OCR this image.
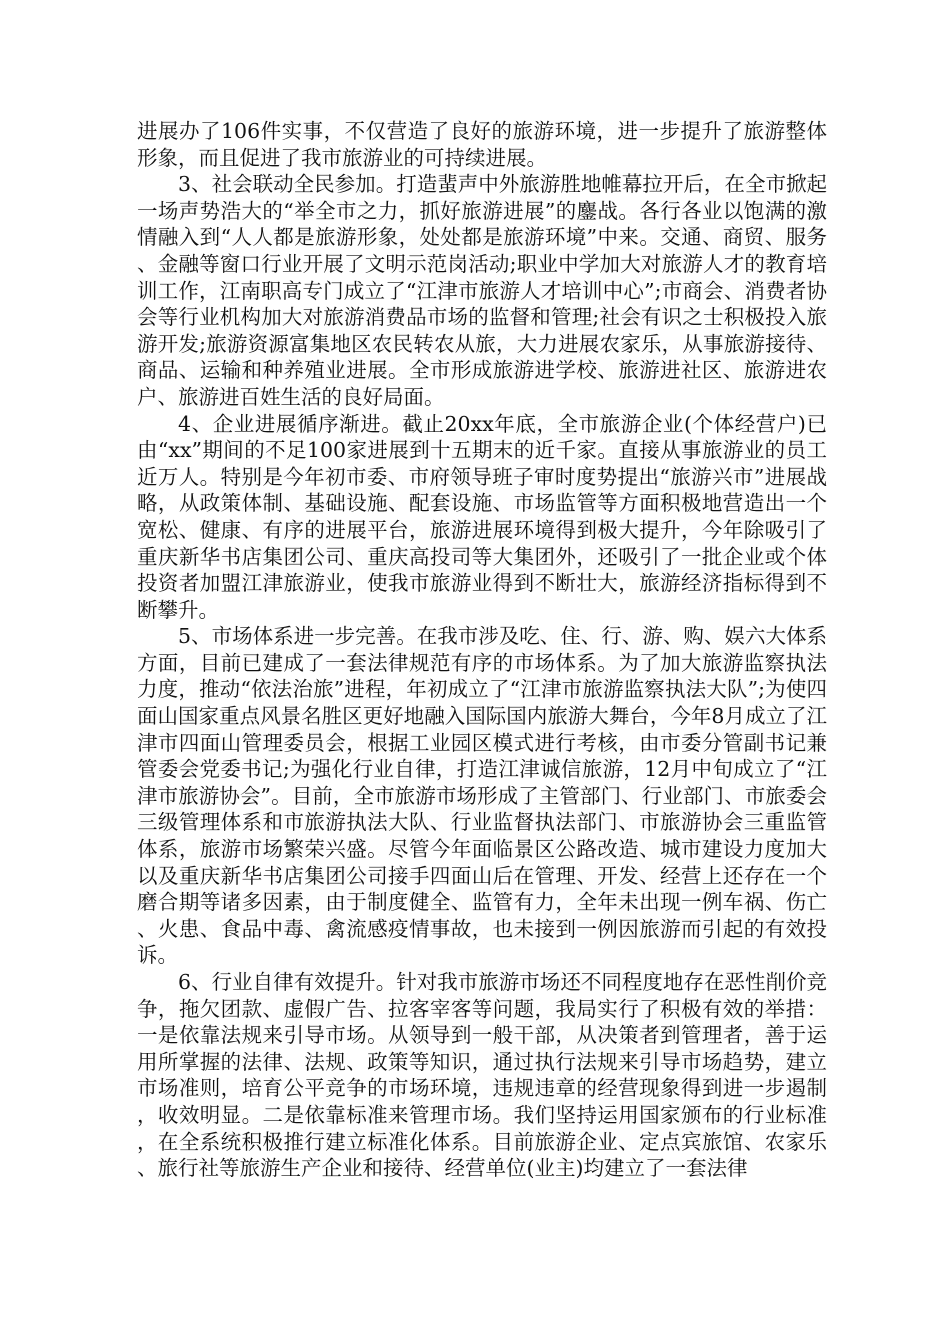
进展办了106件实事，不仅营造了良好的旅游环境，进一步提升了旅游整体形象，而且促进了我市旅游业的可持续进展。

3、社会联动全民参加。打造蜚声中外旅游胜地帷幕拉开后，在全市掀起一场声势浩大的“举全市之力，抓好旅游进展”的鏖战。各行各业以饱满的激情融入到“人人都是旅游形象，处处都是旅游环境”中来。交通、商贸、服务、金融等窗口行业开展了文明示范岗活动;职业中学加大对旅游人才的教育培训工作，江南职高专门成立了“江津市旅游人才培训中心”;市商会、消费者协会等行业机构加大对旅游消费品市场的监督和管理;社会有识之士积极投入旅游开发;旅游资源富集地区农民转农从旅，大力进展农家乐，从事旅游接待、商品、运输和种养殖业进展。全市形成旅游进学校、旅游进社区、旅游进农户、旅游进百姓生活的良好局面。

4、企业进展循序渐进。截止20xx年底，全市旅游企业(个体经营户)已由“xx”期间的不足100家进展到十五期末的近千家。直接从事旅游业的员工近万人。特别是今年初市委、市府领导班子审时度势提出“旅游兴市”进展战略，从政策体制、基础设施、配套设施、市场监管等方面积极地营造出一个宽松、健康、有序的进展平台，旅游进展环境得到极大提升，今年除吸引了重庆新华书店集团公司、重庆高投司等大集团外，还吸引了一批企业或个体投资者加盟江津旅游业，使我市旅游业得到不断壮大，旅游经济指标得到不断攀升。

5、市场体系进一步完善。在我市涉及吃、住、行、游、购、娱六大体系方面，目前已建成了一套法律规范有序的市场体系。为了加大旅游监察执法力度，推动“依法治旅”进程，年初成立了“江津市旅游监察执法大队”;为使四面山国家重点风景名胜区更好地融入国际国内旅游大舞台，今年8月成立了江津市四面山管理委员会，根据工业园区模式进行考核，由市委分管副书记兼管委会党委书记;为强化行业自律，打造江津诚信旅游，12月中旬成立了“江津市旅游协会”。目前，全市旅游市场形成了主管部门、行业部门、市旅委会三级管理体系和市旅游执法大队、行业监督执法部门、市旅游协会三重监管体系，旅游市场繁荣兴盛。尽管今年面临景区公路改造、城市建设力度加大以及重庆新华书店集团公司接手四面山后在管理、开发、经营上还存在一个磨合期等诸多因素，由于制度健全、监管有力，全年未出现一例车祸、伤亡、火患、食品中毒、禽流感疫情事故，也未接到一例因旅游而引起的有效投诉。

6、行业自律有效提升。针对我市旅游市场还不同程度地存在恶性削价竞争，拖欠团款、虚假广告、拉客宰客等问题，我局实行了积极有效的举措：一是依靠法规来引导市场。从领导到一般干部，从决策者到管理者，善于运用所掌握的法律、法规、政策等知识，通过执行法规来引导市场趋势，建立市场准则，培育公平竞争的市场环境，违规违章的经营现象得到进一步遏制，收效明显。二是依靠标准来管理市场。我们坚持运用国家颁布的行业标准，在全系统积极推行建立标准化体系。目前旅游企业、定点宾旅馆、农家乐、旅行社等旅游生产企业和接待、经营单位(业主)均建立了一套法律
